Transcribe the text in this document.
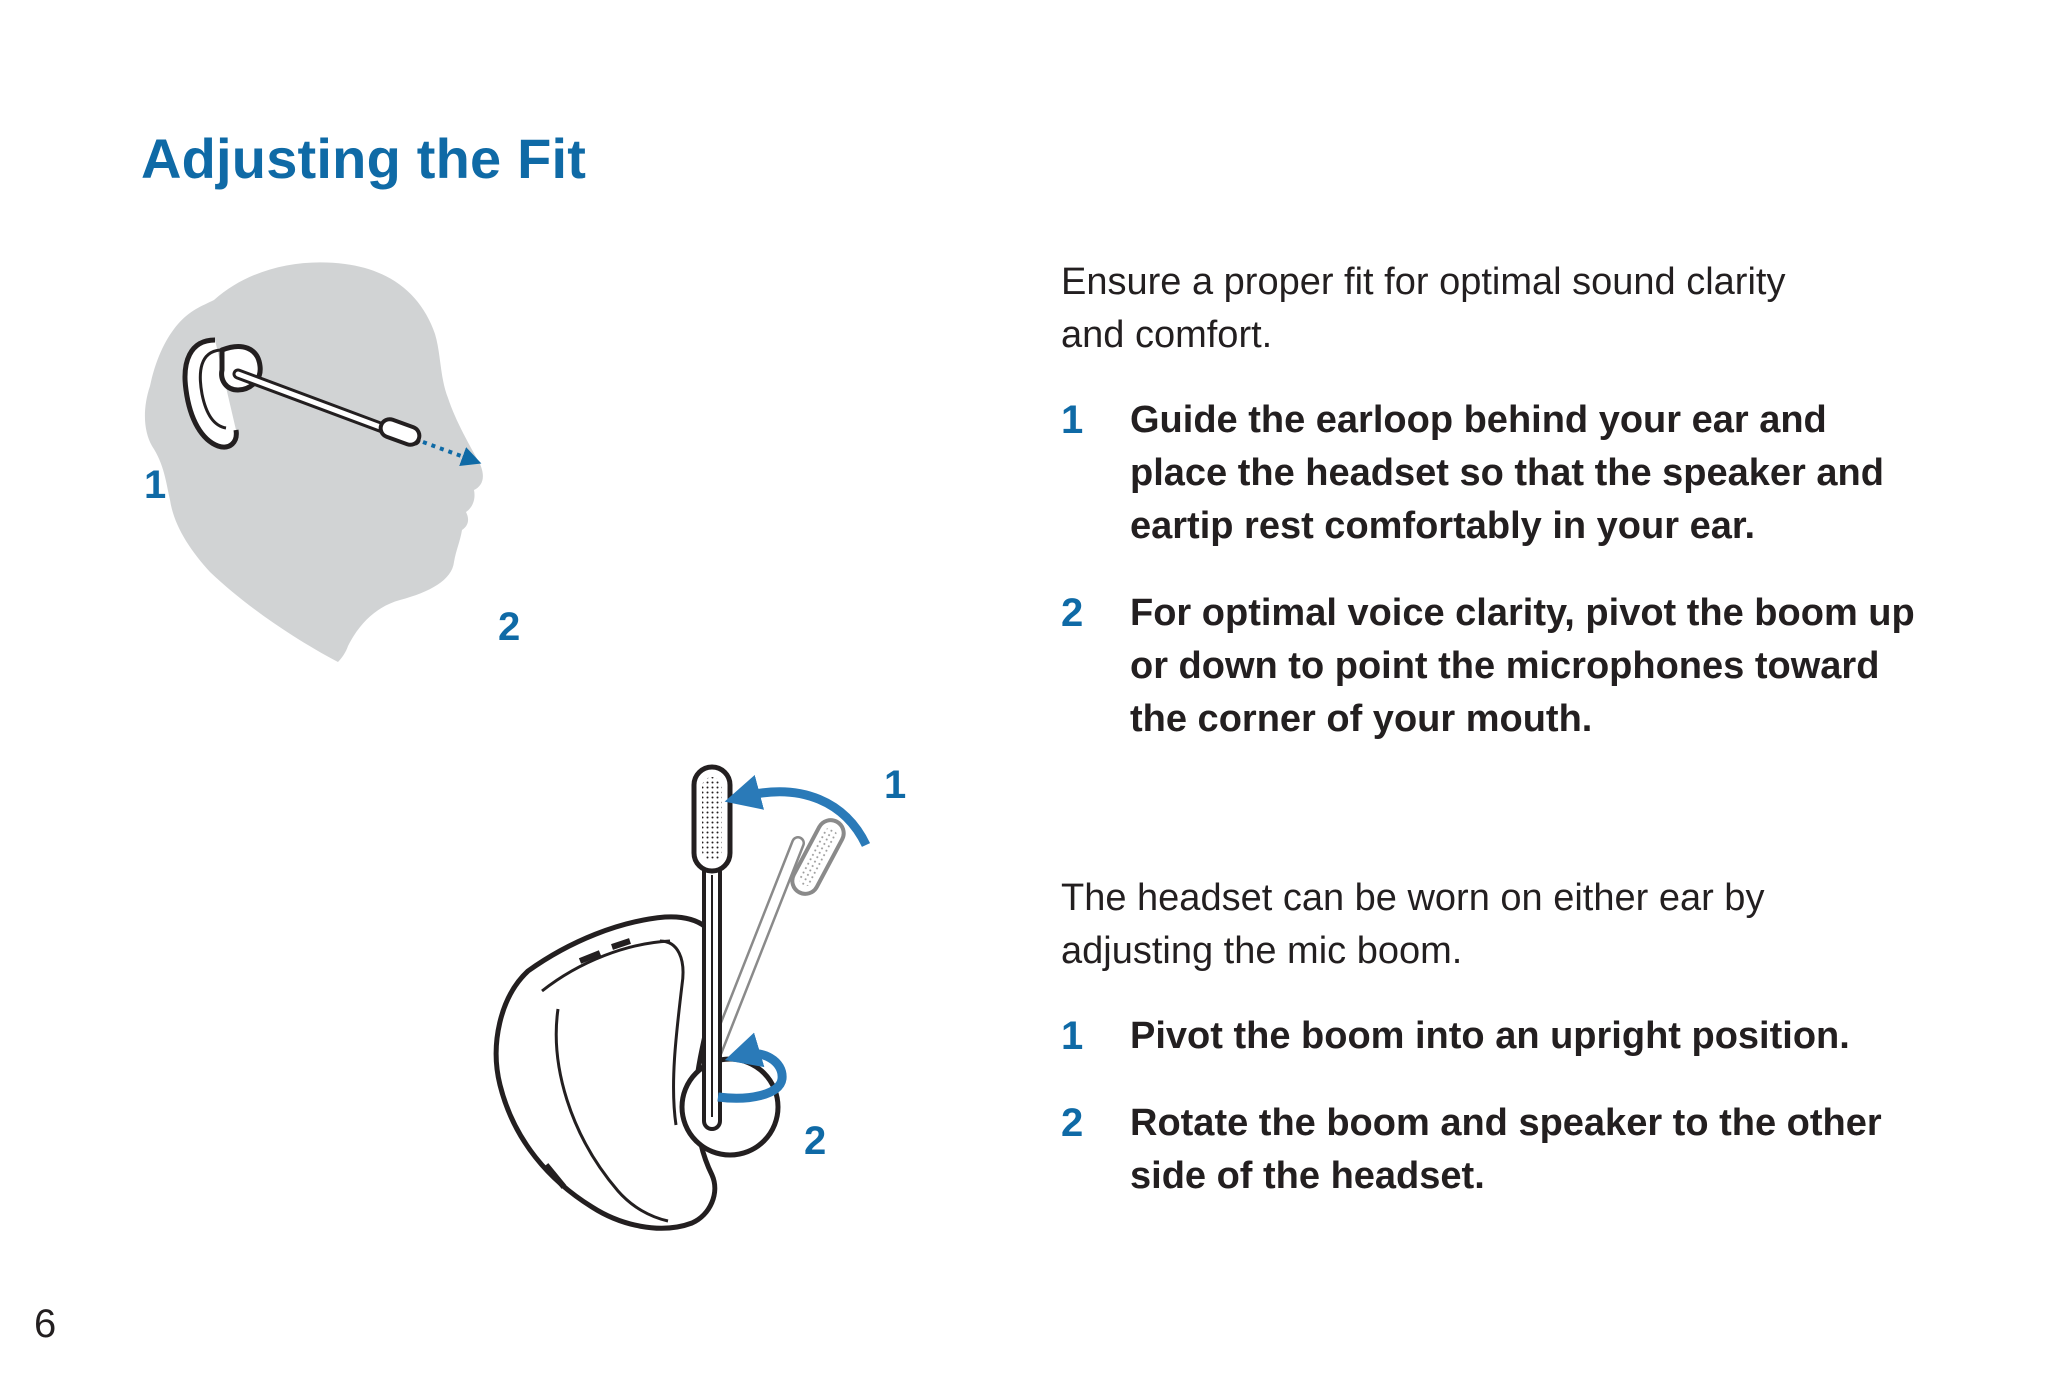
Adjusting the Fit
1
2
1
2

Ensure a proper fit for optimal sound clarity and comfort.

1 Guide the earloop behind your ear and place the headset so that the speaker and eartip rest comfortably in your ear.
2 For optimal voice clarity, pivot the boom up or down to point the microphones toward the corner of your mouth.

The headset can be worn on either ear by adjusting the mic boom.

1 Pivot the boom into an upright position.
2 Rotate the boom and speaker to the other side of the headset.
6
